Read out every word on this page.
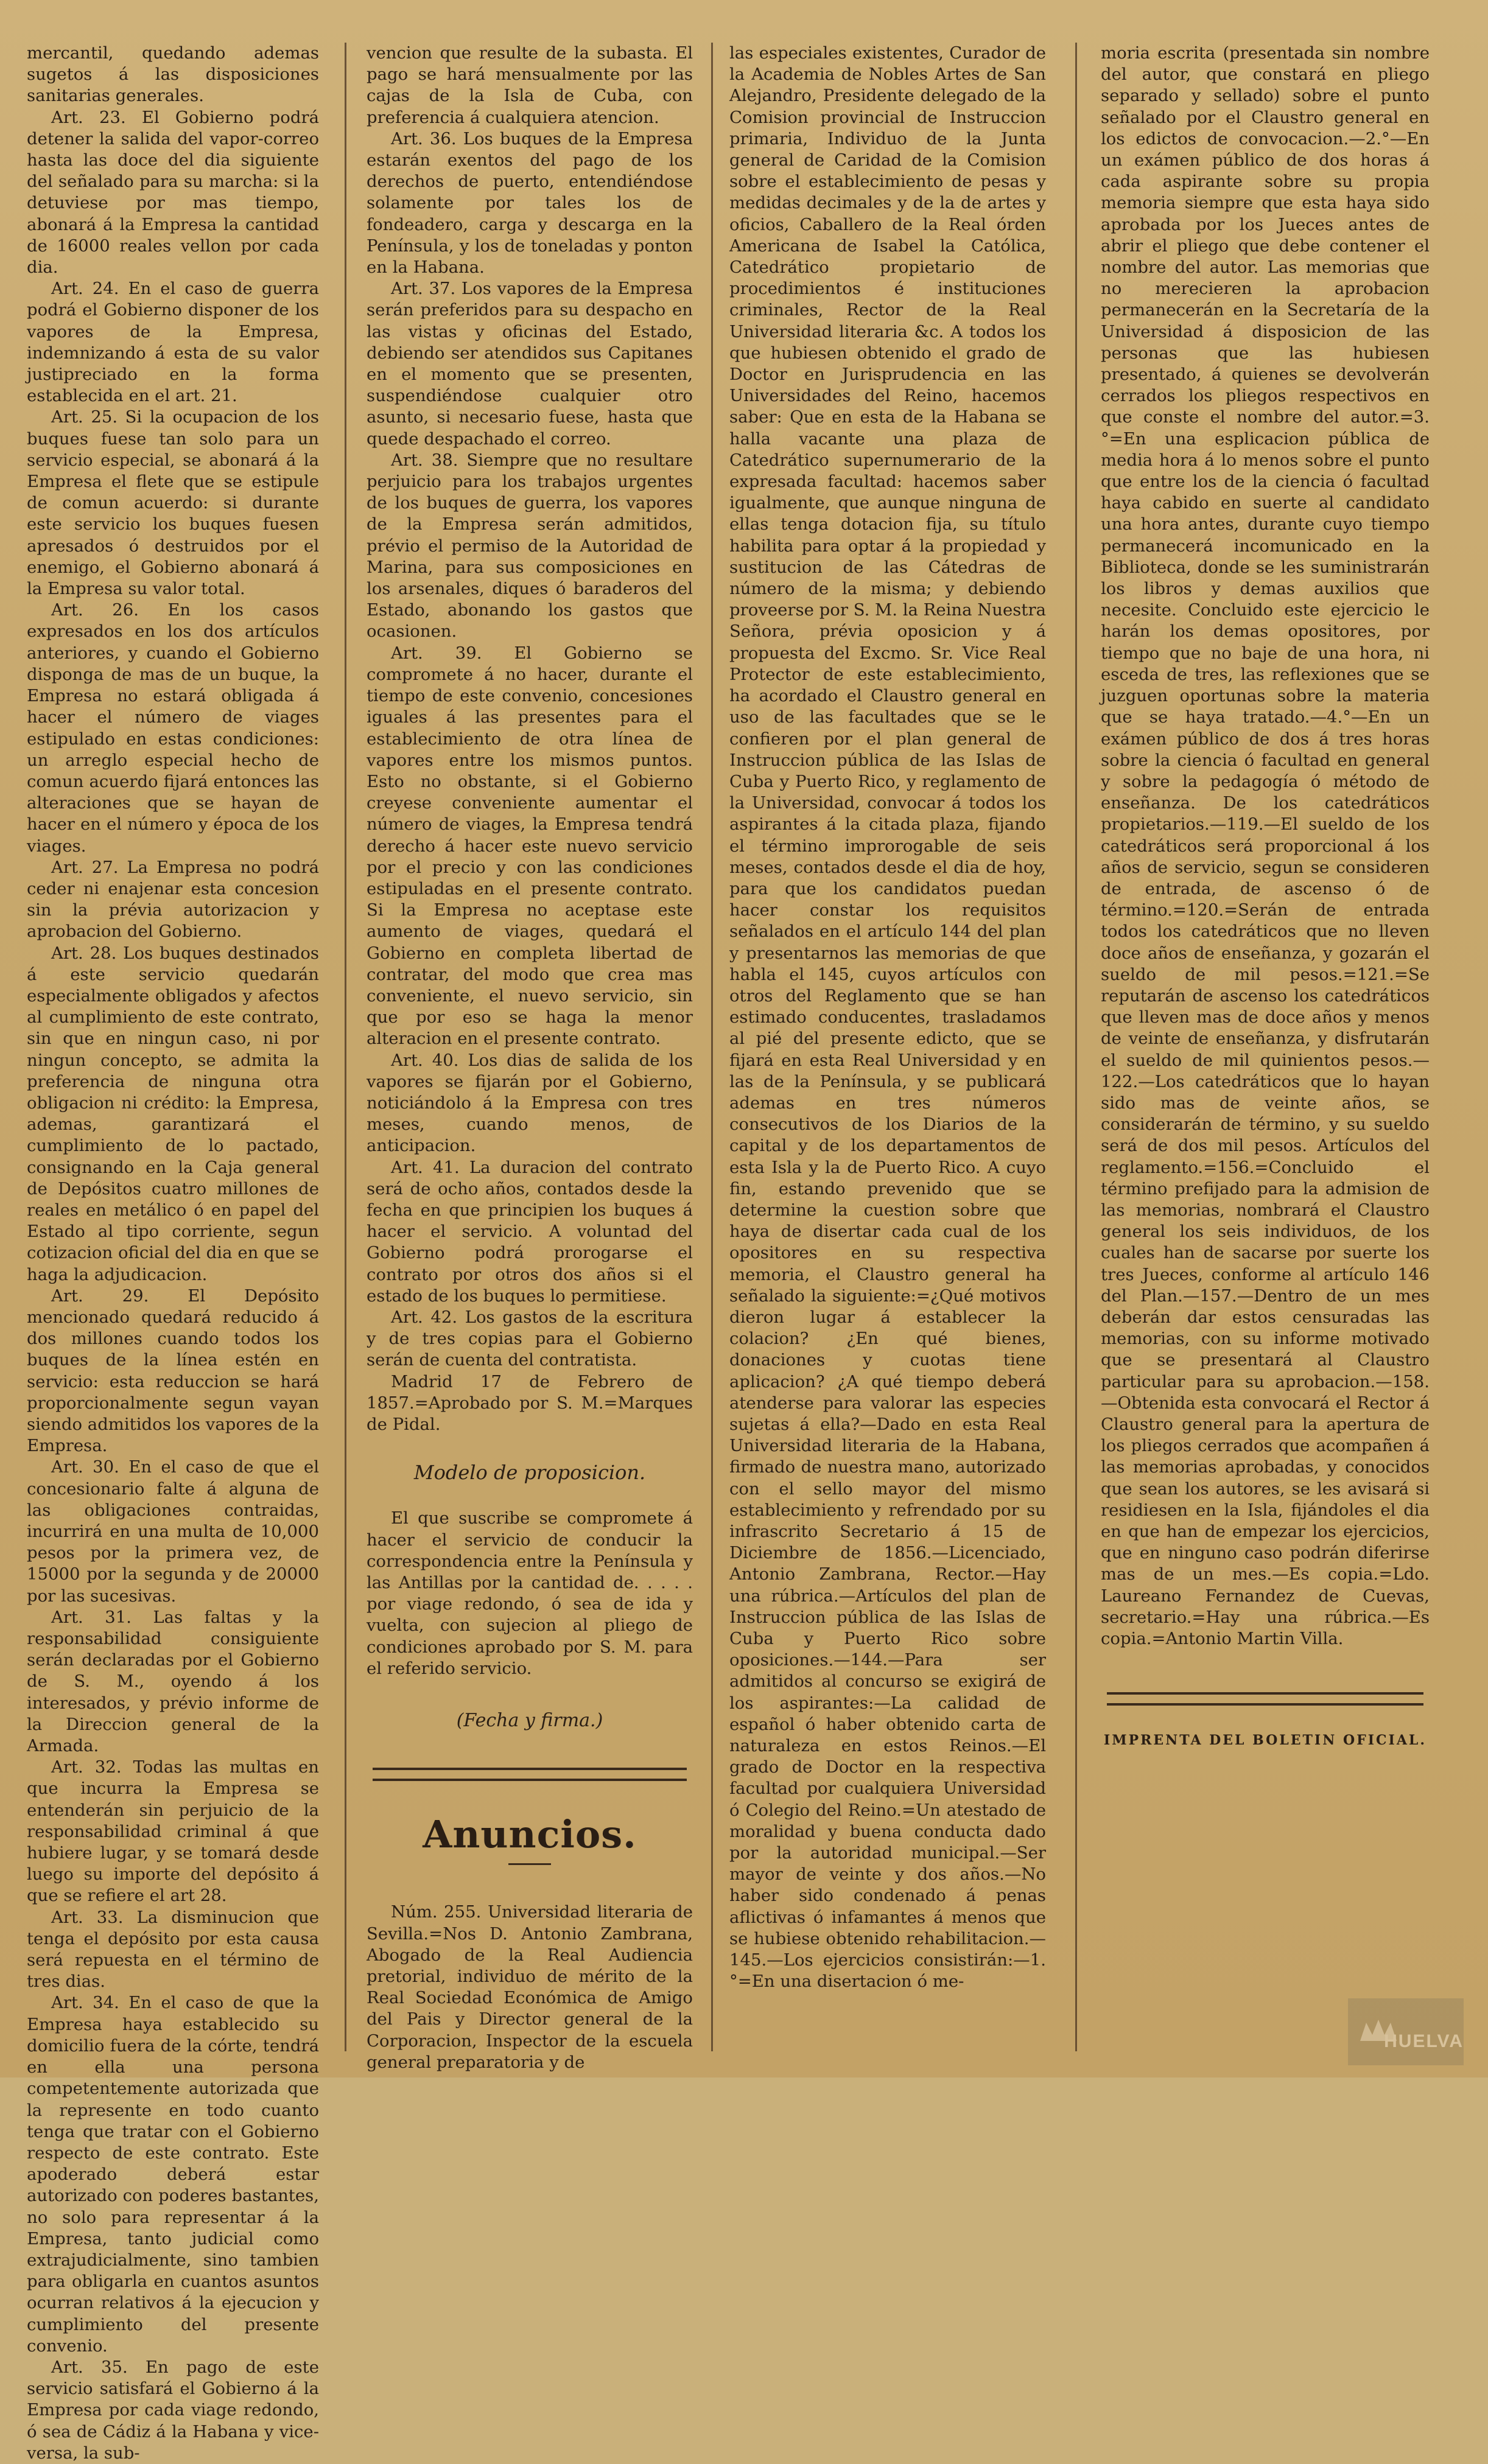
mercantil, quedando ademas sugetos á las disposiciones sanitarias generales.

Art. 23. El Gobierno podrá detener la salida del vapor-correo hasta las doce del dia siguiente del señalado para su marcha: si la detuviese por mas tiempo, abonará á la Empresa la cantidad de 16000 reales vellon por cada dia.

Art. 24. En el caso de guerra podrá el Gobierno disponer de los vapores de la Empresa, indemnizando á esta de su valor justipreciado en la forma establecida en el art. 21.

Art. 25. Si la ocupacion de los buques fuese tan solo para un servicio especial, se abonará á la Empresa el flete que se estipule de comun acuerdo: si durante este servicio los buques fuesen apresados ó destruidos por el enemigo, el Gobierno abonará á la Empresa su valor total.

Art. 26. En los casos expresados en los dos artículos anteriores, y cuando el Gobierno disponga de mas de un buque, la Empresa no estará obligada á hacer el número de viages estipulado en estas condiciones: un arreglo especial hecho de comun acuerdo fijará entonces las alteraciones que se hayan de hacer en el número y época de los viages.

Art. 27. La Empresa no podrá ceder ni enajenar esta concesion sin la prévia autorizacion y aprobacion del Gobierno.

Art. 28. Los buques destinados á este servicio quedarán especialmente obligados y afectos al cumplimiento de este contrato, sin que en ningun caso, ni por ningun concepto, se admita la preferencia de ninguna otra obligacion ni crédito: la Empresa, ademas, garantizará el cumplimiento de lo pactado, consignando en la Caja general de Depósitos cuatro millones de reales en metálico ó en papel del Estado al tipo corriente, segun cotizacion oficial del dia en que se haga la adjudicacion.

Art. 29. El Depósito mencionado quedará reducido á dos millones cuando todos los buques de la línea estén en servicio: esta reduccion se hará proporcionalmente segun vayan siendo admitidos los vapores de la Empresa.

Art. 30. En el caso de que el concesionario falte á alguna de las obligaciones contraidas, incurrirá en una multa de 10,000 pesos por la primera vez, de 15000 por la segunda y de 20000 por las sucesivas.

Art. 31. Las faltas y la responsabilidad consiguiente serán declaradas por el Gobierno de S. M., oyendo á los interesados, y prévio informe de la Direccion general de la Armada.

Art. 32. Todas las multas en que incurra la Empresa se entenderán sin perjuicio de la responsabilidad criminal á que hubiere lugar, y se tomará desde luego su importe del depósito á que se refiere el art 28.

Art. 33. La disminucion que tenga el depósito por esta causa será repuesta en el término de tres dias.

Art. 34. En el caso de que la Empresa haya establecido su domicilio fuera de la córte, tendrá en ella una persona competentemente autorizada que la represente en todo cuanto tenga que tratar con el Gobierno respecto de este contrato. Este apoderado deberá estar autorizado con poderes bastantes, no solo para representar á la Empresa, tanto judicial como extrajudicialmente, sino tambien para obligarla en cuantos asuntos ocurran relativos á la ejecucion y cumplimiento del presente convenio.

Art. 35. En pago de este servicio satisfará el Gobierno á la Empresa por cada viage redondo, ó sea de Cádiz á la Habana y vice-versa, la sub-

vencion que resulte de la subasta. El pago se hará mensualmente por las cajas de la Isla de Cuba, con preferencia á cualquiera atencion.

Art. 36. Los buques de la Empresa estarán exentos del pago de los derechos de puerto, entendiéndose solamente por tales los de fondeadero, carga y descarga en la Península, y los de toneladas y ponton en la Habana.

Art. 37. Los vapores de la Empresa serán preferidos para su despacho en las vistas y oficinas del Estado, debiendo ser atendidos sus Capitanes en el momento que se presenten, suspendiéndose cualquier otro asunto, si necesario fuese, hasta que quede despachado el correo.

Art. 38. Siempre que no resultare perjuicio para los trabajos urgentes de los buques de guerra, los vapores de la Empresa serán admitidos, prévio el permiso de la Autoridad de Marina, para sus composiciones en los arsenales, diques ó baraderos del Estado, abonando los gastos que ocasionen.

Art. 39. El Gobierno se compromete á no hacer, durante el tiempo de este convenio, concesiones iguales á las presentes para el establecimiento de otra línea de vapores entre los mismos puntos. Esto no obstante, si el Gobierno creyese conveniente aumentar el número de viages, la Empresa tendrá derecho á hacer este nuevo servicio por el precio y con las condiciones estipuladas en el presente contrato. Si la Empresa no aceptase este aumento de viages, quedará el Gobierno en completa libertad de contratar, del modo que crea mas conveniente, el nuevo servicio, sin que por eso se haga la menor alteracion en el presente contrato.

Art. 40. Los dias de salida de los vapores se fijarán por el Gobierno, noticiándolo á la Empresa con tres meses, cuando menos, de anticipacion.

Art. 41. La duracion del contrato será de ocho años, contados desde la fecha en que principien los buques á hacer el servicio. A voluntad del Gobierno podrá prorogarse el contrato por otros dos años si el estado de los buques lo permitiese.

Art. 42. Los gastos de la escritura y de tres copias para el Gobierno serán de cuenta del contratista.

Madrid 17 de Febrero de 1857.=Aprobado por S. M.=Marques de Pidal.

Modelo de proposicion.

El que suscribe se compromete á hacer el servicio de conducir la correspondencia entre la Península y las Antillas por la cantidad de. . . . . por viage redondo, ó sea de ida y vuelta, con sujecion al pliego de condiciones aprobado por S. M. para el referido servicio.

(Fecha y firma.)
Anuncios.

Núm. 255. Universidad literaria de Sevilla.=Nos D. Antonio Zambrana, Abogado de la Real Audiencia pretorial, individuo de mérito de la Real Sociedad Económica de Amigo del Pais y Director general de la Corporacion, Inspector de la escuela general preparatoria y de

las especiales existentes, Curador de la Academia de Nobles Artes de San Alejandro, Presidente delegado de la Comision provincial de Instruccion primaria, Individuo de la Junta general de Caridad de la Comision sobre el establecimiento de pesas y medidas decimales y de la de artes y oficios, Caballero de la Real órden Americana de Isabel la Católica, Catedrático propietario de procedimientos é instituciones criminales, Rector de la Real Universidad literaria &c. A todos los que hubiesen obtenido el grado de Doctor en Jurisprudencia en las Universidades del Reino, hacemos saber: Que en esta de la Habana se halla vacante una plaza de Catedrático supernumerario de la expresada facultad: hacemos saber igualmente, que aunque ninguna de ellas tenga dotacion fija, su título habilita para optar á la propiedad y sustitucion de las Cátedras de número de la misma; y debiendo proveerse por S. M. la Reina Nuestra Señora, prévia oposicion y á propuesta del Excmo. Sr. Vice Real Protector de este establecimiento, ha acordado el Claustro general en uso de las facultades que se le confieren por el plan general de Instruccion pública de las Islas de Cuba y Puerto Rico, y reglamento de la Universidad, convocar á todos los aspirantes á la citada plaza, fijando el término improrogable de seis meses, contados desde el dia de hoy, para que los candidatos puedan hacer constar los requisitos señalados en el artículo 144 del plan y presentarnos las memorias de que habla el 145, cuyos artículos con otros del Reglamento que se han estimado conducentes, trasladamos al pié del presente edicto, que se fijará en esta Real Universidad y en las de la Península, y se publicará ademas en tres números consecutivos de los Diarios de la capital y de los departamentos de esta Isla y la de Puerto Rico. A cuyo fin, estando prevenido que se determine la cuestion sobre que haya de disertar cada cual de los opositores en su respectiva memoria, el Claustro general ha señalado la siguiente:=¿Qué motivos dieron lugar á establecer la colacion? ¿En qué bienes, donaciones y cuotas tiene aplicacion? ¿A qué tiempo deberá atenderse para valorar las especies sujetas á ella?—Dado en esta Real Universidad literaria de la Habana, firmado de nuestra mano, autorizado con el sello mayor del mismo establecimiento y refrendado por su infrascrito Secretario á 15 de Diciembre de 1856.—Licenciado, Antonio Zambrana, Rector.—Hay una rúbrica.—Artículos del plan de Instruccion pública de las Islas de Cuba y Puerto Rico sobre oposiciones.—144.—Para ser admitidos al concurso se exigirá de los aspirantes:—La calidad de español ó haber obtenido carta de naturaleza en estos Reinos.—El grado de Doctor en la respectiva facultad por cualquiera Universidad ó Colegio del Reino.=Un atestado de moralidad y buena conducta dado por la autoridad municipal.—Ser mayor de veinte y dos años.—No haber sido condenado á penas aflictivas ó infamantes á menos que se hubiese obtenido rehabilitacion.—145.—Los ejercicios consistirán:—1.°=En una disertacion ó me-

moria escrita (presentada sin nombre del autor, que constará en pliego separado y sellado) sobre el punto señalado por el Claustro general en los edictos de convocacion.—2.°—En un exámen público de dos horas á cada aspirante sobre su propia memoria siempre que esta haya sido aprobada por los Jueces antes de abrir el pliego que debe contener el nombre del autor. Las memorias que no merecieren la aprobacion permanecerán en la Secretaría de la Universidad á disposicion de las personas que las hubiesen presentado, á quienes se devolverán cerrados los pliegos respectivos en que conste el nombre del autor.=3.°=En una esplicacion pública de media hora á lo menos sobre el punto que entre los de la ciencia ó facultad haya cabido en suerte al candidato una hora antes, durante cuyo tiempo permanecerá incomunicado en la Biblioteca, donde se les suministrarán los libros y demas auxilios que necesite. Concluido este ejercicio le harán los demas opositores, por tiempo que no baje de una hora, ni esceda de tres, las reflexiones que se juzguen oportunas sobre la materia que se haya tratado.—4.°—En un exámen público de dos á tres horas sobre la ciencia ó facultad en general y sobre la pedagogía ó método de enseñanza. De los catedráticos propietarios.—119.—El sueldo de los catedráticos será proporcional á los años de servicio, segun se consideren de entrada, de ascenso ó de término.=120.=Serán de entrada todos los catedráticos que no lleven doce años de enseñanza, y gozarán el sueldo de mil pesos.=121.=Se reputarán de ascenso los catedráticos que lleven mas de doce años y menos de veinte de enseñanza, y disfrutarán el sueldo de mil quinientos pesos.—122.—Los catedráticos que lo hayan sido mas de veinte años, se considerarán de término, y su sueldo será de dos mil pesos. Artículos del reglamento.=156.=Concluido el término prefijado para la admision de las memorias, nombrará el Claustro general los seis individuos, de los cuales han de sacarse por suerte los tres Jueces, conforme al artículo 146 del Plan.—157.—Dentro de un mes deberán dar estos censuradas las memorias, con su informe motivado que se presentará al Claustro particular para su aprobacion.—158.—Obtenida esta convocará el Rector á Claustro general para la apertura de los pliegos cerrados que acompañen á las memorias aprobadas, y conocidos que sean los autores, se les avisará si residiesen en la Isla, fijándoles el dia en que han de empezar los ejercicios, que en ninguno caso podrán diferirse mas de un mes.—Es copia.=Ldo. Laureano Fernandez de Cuevas, secretario.=Hay una rúbrica.—Es copia.=Antonio Martin Villa.

IMPRENTA DEL BOLETIN OFICIAL.
HUELVA
